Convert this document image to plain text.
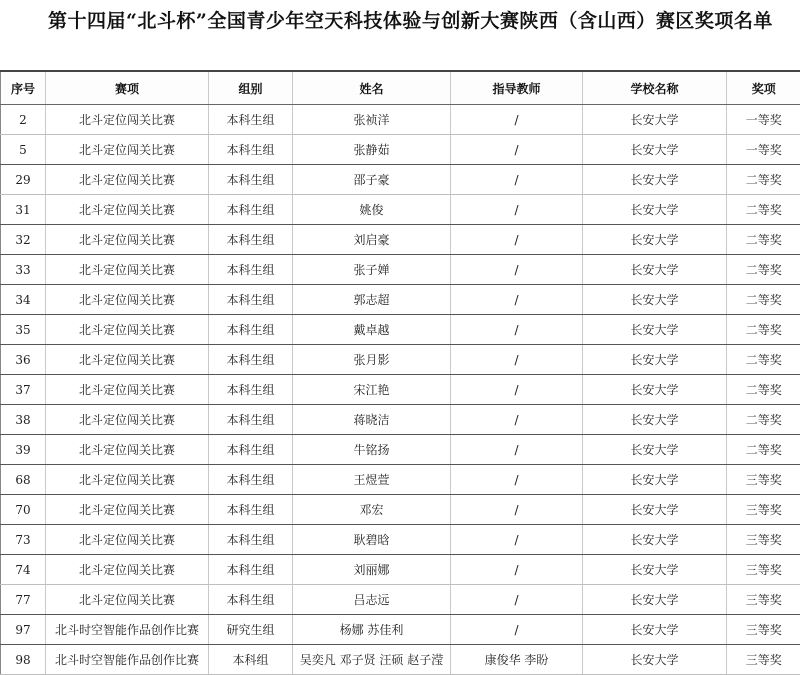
第十四届“北斗杯”全国青少年空天科技体验与创新大赛陕西（含山西）赛区奖项名单
序号	赛项	组别	姓名	指导教师	学校名称	奖项
2	北斗定位闯关比赛	本科生组	张祯洋	/	长安大学	一等奖
5	北斗定位闯关比赛	本科生组	张静茹	/	长安大学	一等奖
29	北斗定位闯关比赛	本科生组	邵子豪	/	长安大学	二等奖
31	北斗定位闯关比赛	本科生组	姚俊	/	长安大学	二等奖
32	北斗定位闯关比赛	本科生组	刘启豪	/	长安大学	二等奖
33	北斗定位闯关比赛	本科生组	张子婵	/	长安大学	二等奖
34	北斗定位闯关比赛	本科生组	郭志超	/	长安大学	二等奖
35	北斗定位闯关比赛	本科生组	戴卓越	/	长安大学	二等奖
36	北斗定位闯关比赛	本科生组	张月影	/	长安大学	二等奖
37	北斗定位闯关比赛	本科生组	宋江艳	/	长安大学	二等奖
38	北斗定位闯关比赛	本科生组	蒋晓洁	/	长安大学	二等奖
39	北斗定位闯关比赛	本科生组	牛铭扬	/	长安大学	二等奖
68	北斗定位闯关比赛	本科生组	王煜萱	/	长安大学	三等奖
70	北斗定位闯关比赛	本科生组	邓宏	/	长安大学	三等奖
73	北斗定位闯关比赛	本科生组	耿碧晗	/	长安大学	三等奖
74	北斗定位闯关比赛	本科生组	刘丽娜	/	长安大学	三等奖
77	北斗定位闯关比赛	本科生组	吕志远	/	长安大学	三等奖
97	北斗时空智能作品创作比赛	研究生组	杨娜 苏佳利	/	长安大学	三等奖
98	北斗时空智能作品创作比赛	本科组	吴奕凡 邓子贤 汪硕 赵子滢	康俊华 李盼	长安大学	三等奖
